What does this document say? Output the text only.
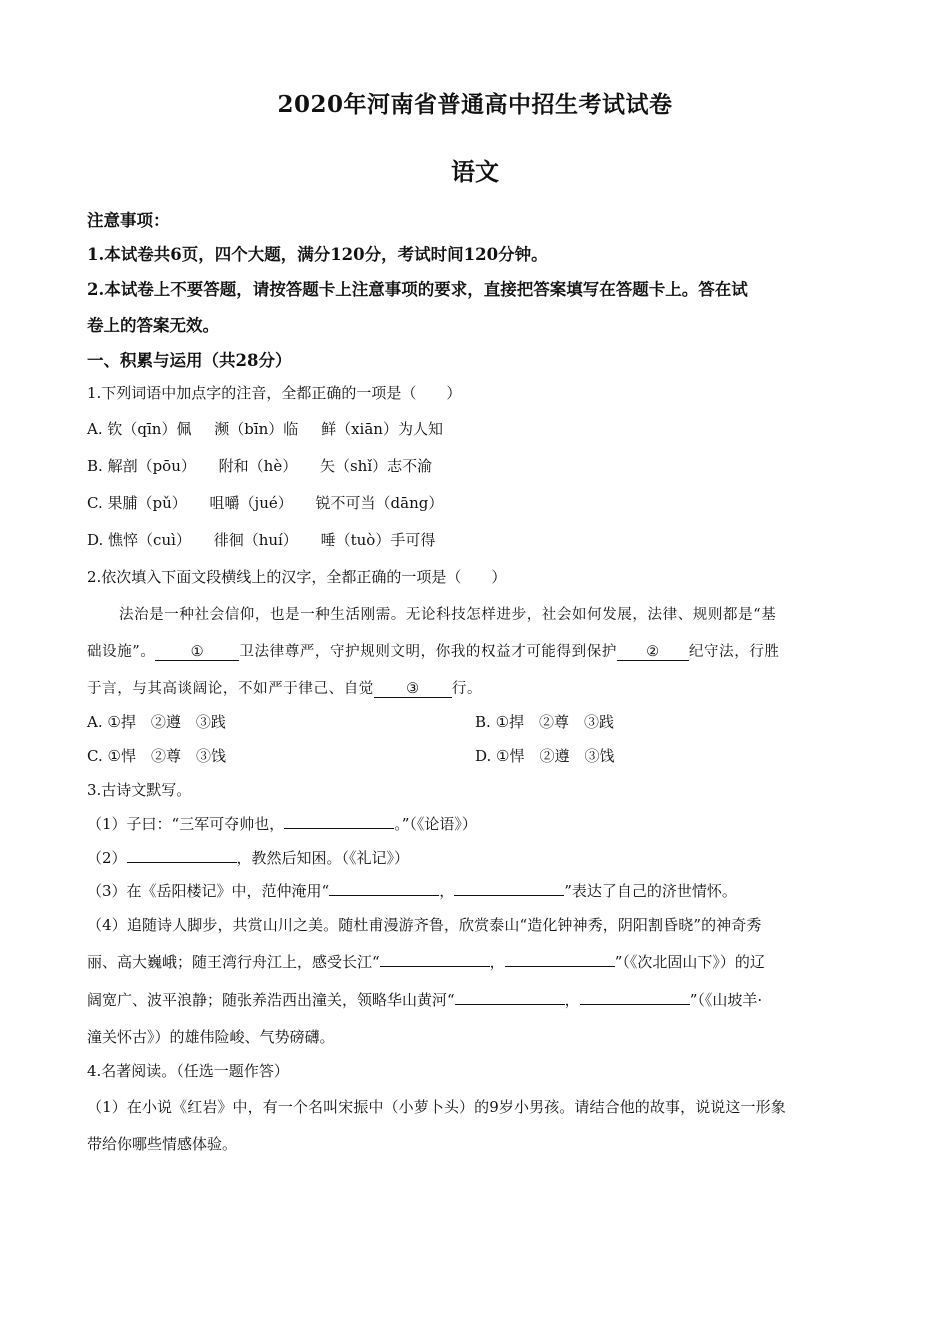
2020年河南省普通高中招生考试试卷
语文
注意事项：
1.本试卷共6页，四个大题，满分120分，考试时间120分钟。
2.本试卷上不要答题，请按答题卡上注意事项的要求，直接把答案填写在答题卡上。答在试
卷上的答案无效。
一、积累与运用（共28分）
1.下列词语中加点字的注音，全都正确的一项是（　　）
A. 钦（qīn）佩 濒（bīn）临 鲜（xiān）为人知
B. 解剖（pōu） 附和（hè） 矢（shǐ）志不渝
C. 果脯（pǔ） 咀嚼（jué） 锐不可当（dāng）
D. 憔悴（cuì） 徘徊（huí） 唾（tuò）手可得
2.依次填入下面文段横线上的汉字，全都正确的一项是（　　）
法治是一种社会信仰，也是一种生活刚需。无论科技怎样进步，社会如何发展，法律、规则都是“基
础设施”。 ① 卫法律尊严，守护规则文明，你我的权益才可能得到保护 ② 纪守法，行胜
于言，与其高谈阔论，不如严于律己、自觉 ③ 行。
A. ①捍　②遵　③践	B. ①捍　②尊　③践
C. ①悍　②尊　③饯	D. ①悍　②遵　③饯
3.古诗文默写。
（1）子曰：“三军可夺帅也，	。”（《论语》）
（2）	，教然后知困。（《礼记》）
（3）在《岳阳楼记》中，范仲淹用“	，	”表达了自己的济世情怀。
（4）追随诗人脚步，共赏山川之美。随杜甫漫游齐鲁，欣赏泰山“造化钟神秀，阴阳割昏晓”的神奇秀
丽、高大巍峨；随王湾行舟江上，感受长江“	，	”（《次北固山下》）的辽
阔宽广、波平浪静；随张养浩西出潼关，领略华山黄河“	，	”（《山坡羊·
潼关怀古》）的雄伟险峻、气势磅礴。
4.名著阅读。（任选一题作答）
（1）在小说《红岩》中，有一个名叫宋振中（小萝卜头）的9岁小男孩。请结合他的故事，说说这一形象
带给你哪些情感体验。
